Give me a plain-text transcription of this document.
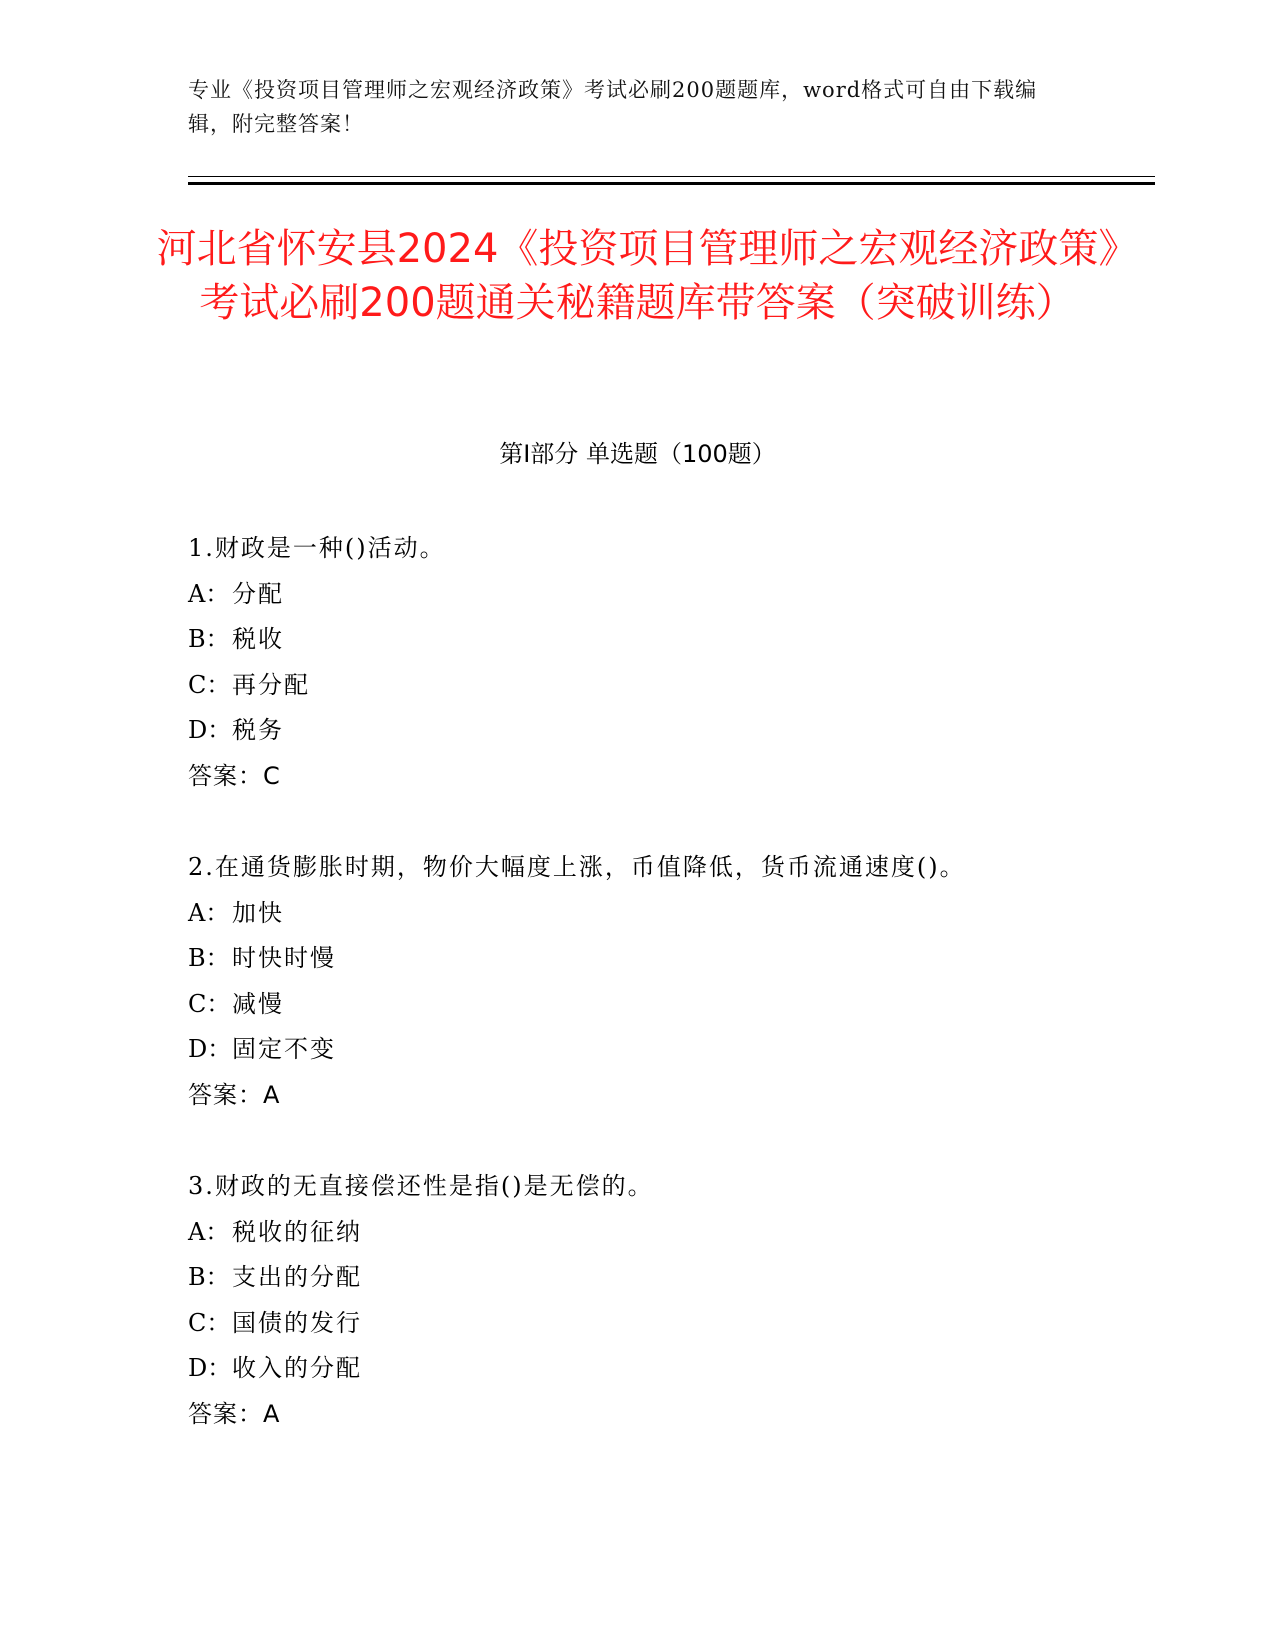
专业《投资项目管理师之宏观经济政策》考试必刷200题题库，word格式可自由下载编辑，附完整答案！
河北省怀安县2024《投资项目管理师之宏观经济政策》考试必刷200题通关秘籍题库带答案（突破训练）
第I部分 单选题（100题）
1.财政是一种()活动。
A： 分配
B：税收
C：再分配
D：税务
答案：C
2.在通货膨胀时期，物价大幅度上涨，币值降低，货币流通速度()。
A： 加快
B：时快时慢
C：减慢
D：固定不变
答案：A
3.财政的无直接偿还性是指()是无偿的。
A： 税收的征纳
B：支出的分配
C：国债的发行
D：收入的分配
答案：A
